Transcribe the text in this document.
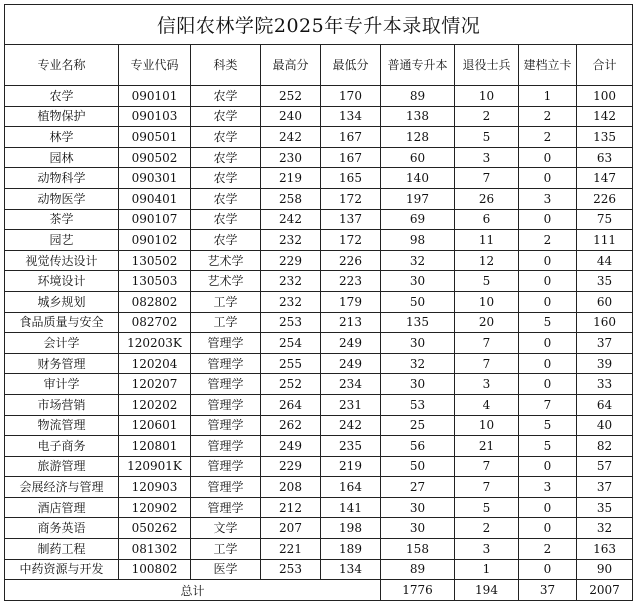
信阳农林学院2025年专升本录取情况								
专业名称	专业代码	科类	最高分	最低分	普通专升本	退役士兵	建档立卡	合计
农学	090101	农学	252	170	89	10	1	100
植物保护	090103	农学	240	134	138	2	2	142
林学	090501	农学	242	167	128	5	2	135
园林	090502	农学	230	167	60	3	0	63
动物科学	090301	农学	219	165	140	7	0	147
动物医学	090401	农学	258	172	197	26	3	226
茶学	090107	农学	242	137	69	6	0	75
园艺	090102	农学	232	172	98	11	2	111
视觉传达设计	130502	艺术学	229	226	32	12	0	44
环境设计	130503	艺术学	232	223	30	5	0	35
城乡规划	082802	工学	232	179	50	10	0	60
食品质量与安全	082702	工学	253	213	135	20	5	160
会计学	120203K	管理学	254	249	30	7	0	37
财务管理	120204	管理学	255	249	32	7	0	39
审计学	120207	管理学	252	234	30	3	0	33
市场营销	120202	管理学	264	231	53	4	7	64
物流管理	120601	管理学	262	242	25	10	5	40
电子商务	120801	管理学	249	235	56	21	5	82
旅游管理	120901K	管理学	229	219	50	7	0	57
会展经济与管理	120903	管理学	208	164	27	7	3	37
酒店管理	120902	管理学	212	141	30	5	0	35
商务英语	050262	文学	207	198	30	2	0	32
制药工程	081302	工学	221	189	158	3	2	163
中药资源与开发	100802	医学	253	134	89	1	0	90
总计					1776	194	37	2007
